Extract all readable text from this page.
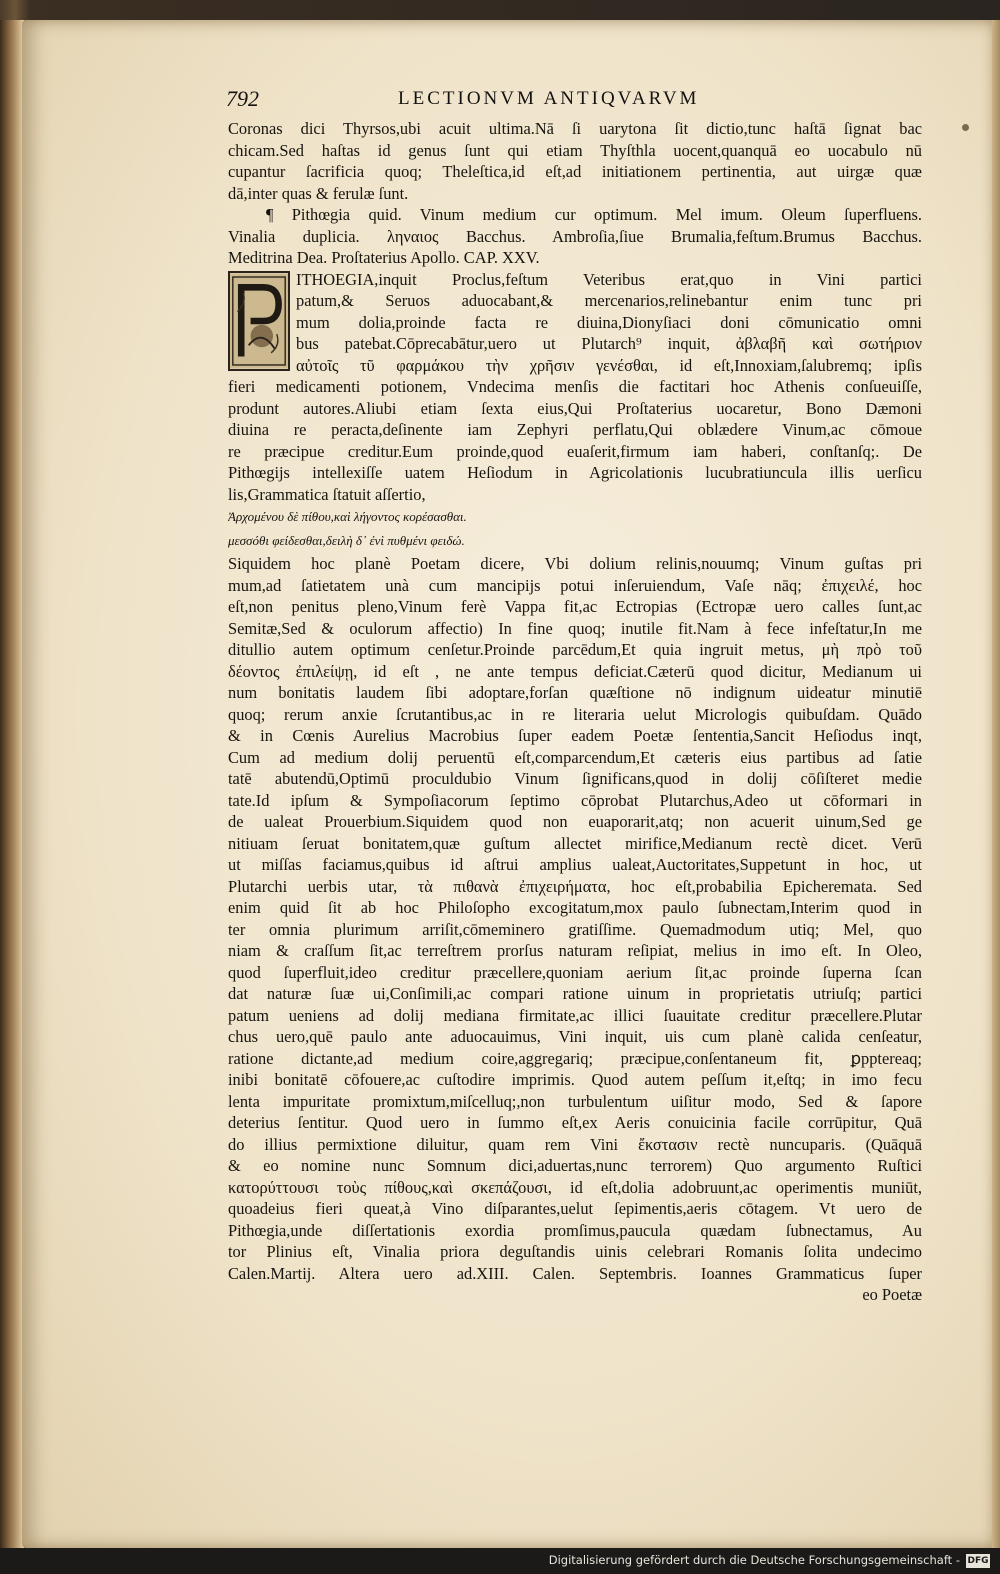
792	LECTIONVM ANTIQVARVM
Coronas dici Thyrsos,ubi acuit ultima.Nā ſi uarytona ſit dictio,tunc haſtā ſignat bac
chicam.Sed haſtas id genus ſunt qui etiam Thyſthla uocent,quanquā eo uocabulo nū
cupantur ſacrificia quoq; Theleſtica,id eſt,ad initiationem pertinentia, aut uirgæ quæ
dā,inter quas & ferulæ ſunt.
¶ Pithœgia quid. Vinum medium cur optimum. Mel imum. Oleum ſuperfluens.
Vinalia duplicia. ληναιος Bacchus. Ambroſia,ſiue Brumalia,feſtum.Brumus Bacchus.
Meditrina Dea. Proſtaterius Apollo. CAP. XXV.
ITHOEGIA,inquit Proclus,feſtum Veteribus erat,quo in Vini partici
patum,& Seruos aduocabant,& mercenarios,relinebantur enim tunc pri
mum dolia,proinde facta re diuina,Dionyſiaci doni cōmunicatio omni
bus patebat.Cōprecabātur,uero ut Plutarch⁹ inquit, ἀβλαβῆ καὶ σωτήριον
αὐτοῖς τῦ φαρμάκου τὴν χρῆσιν γενέσθαι, id eſt,Innoxiam,ſalubremq; ipſis
fieri medicamenti potionem, Vndecima menſis die factitari hoc Athenis conſueuiſſe,
produnt autores.Aliubi etiam ſexta eius,Qui Proſtaterius uocaretur, Bono Dæmoni
diuina re peracta,deſinente iam Zephyri perflatu,Qui oblædere Vinum,ac cōmoue
re præcipue creditur.Eum proinde,quod euaſerit,firmum iam haberi, conſtanſq;. De
Pithœgijs intellexiſſe uatem Heſiodum in Agricolationis lucubratiuncula illis uerſicu
lis,Grammatica ſtatuit aſſertio,
Ἀρχομένου δὲ πίθου,καὶ λήγοντος κορέσασθαι.
μεσσόθι φείδεσθαι,δειλὴ δ᾽ ἐνὶ πυθμένι φειδώ.
Siquidem hoc planè Poetam dicere, Vbi dolium relinis,nouumq; Vinum guſtas pri
mum,ad ſatietatem unà cum mancipijs potui inſeruiendum, Vaſe nāq; ἐπιχειλέ, hoc
eſt,non penitus pleno,Vinum ferè Vappa fit,ac Ectropias (Ectropæ uero calles ſunt,ac
Semitæ,Sed & oculorum affectio) In fine quoq; inutile fit.Nam à fece infeſtatur,In me
ditullio autem optimum cenſetur.Proinde parcēdum,Et quia ingruit metus, μὴ πρὸ τοῦ
δέοντος ἐπιλείψῃ, id eſt , ne ante tempus deficiat.Cæterū quod dicitur, Medianum ui
num bonitatis laudem ſibi adoptare,forſan quæſtione nō indignum uideatur minutiē
quoq; rerum anxie ſcrutantibus,ac in re literaria uelut Micrologis quibuſdam. Quādo
& in Cœnis Aurelius Macrobius ſuper eadem Poetæ ſententia,Sancit Heſiodus inqt,
Cum ad medium dolij peruentū eſt,comparcendum,Et cæteris eius partibus ad ſatie
tatē abutendū,Optimū proculdubio Vinum ſignificans,quod in dolij cōſiſteret medie
tate.Id ipſum & Sympoſiacorum ſeptimo cōprobat Plutarchus,Adeo ut cōformari in
de ualeat Prouerbium.Siquidem quod non euaporarit,atq; non acuerit uinum,Sed ge
nitiuam ſeruat bonitatem,quæ guſtum allectet mirifice,Medianum rectè dicet. Verū
ut miſſas faciamus,quibus id aſtrui amplius ualeat,Auctoritates,Suppetunt in hoc, ut
Plutarchi uerbis utar, τὰ πιθανὰ ἐπιχειρήματα, hoc eſt,probabilia Epicheremata. Sed
enim quid ſit ab hoc Philoſopho excogitatum,mox paulo ſubnectam,Interim quod in
ter omnia plurimum arriſit,cōmeminero gratiſſime. Quemadmodum utiq; Mel, quo
niam & craſſum ſit,ac terreſtrem prorſus naturam reſipiat, melius in imo eſt. In Oleo,
quod ſuperfluit,ideo creditur præcellere,quoniam aerium ſit,ac proinde ſuperna ſcan
dat naturæ ſuæ ui,Conſimili,ac compari ratione uinum in proprietatis utriuſq; partici
patum ueniens ad dolij mediana firmitate,ac illici ſuauitate creditur præcellere.Plutar
chus uero,quē paulo ante aduocauimus, Vini inquit, uis cum planè calida cenſeatur,
ratione dictante,ad medium coire,aggregariq; præcipue,conſentaneum fit, ꝑpptereaq;
inibi bonitatē cōfouere,ac cuſtodire imprimis. Quod autem peſſum it,eſtq; in imo fecu
lenta impuritate promixtum,miſcelluq;,non turbulentum uiſitur modo, Sed & ſapore
deterius ſentitur. Quod uero in ſummo eſt,ex Aeris conuicinia facile corrūpitur, Quā
do illius permixtione diluitur, quam rem Vini ἔκστασιν rectè nuncuparis. (Quāquā
& eo nomine nunc Somnum dici,aduertas,nunc terrorem) Quo argumento Ruſtici
κατορύττουσι τοὺς πίθους,καὶ σκεπάζουσι, id eſt,dolia adobruunt,ac operimentis muniūt,
quoadeius fieri queat,à Vino diſparantes,uelut ſepimentis,aeris cōtagem. Vt uero de
Pithœgia,unde diſſertationis exordia promſimus,paucula quædam ſubnectamus, Au
tor Plinius eſt, Vinalia priora deguſtandis uinis celebrari Romanis ſolita undecimo
Calen.Martij. Altera uero ad.XIII. Calen. Septembris. Ioannes Grammaticus ſuper
eo Poetæ
Digitalisierung gefördert durch die Deutsche Forschungsgemeinschaft - DFG
